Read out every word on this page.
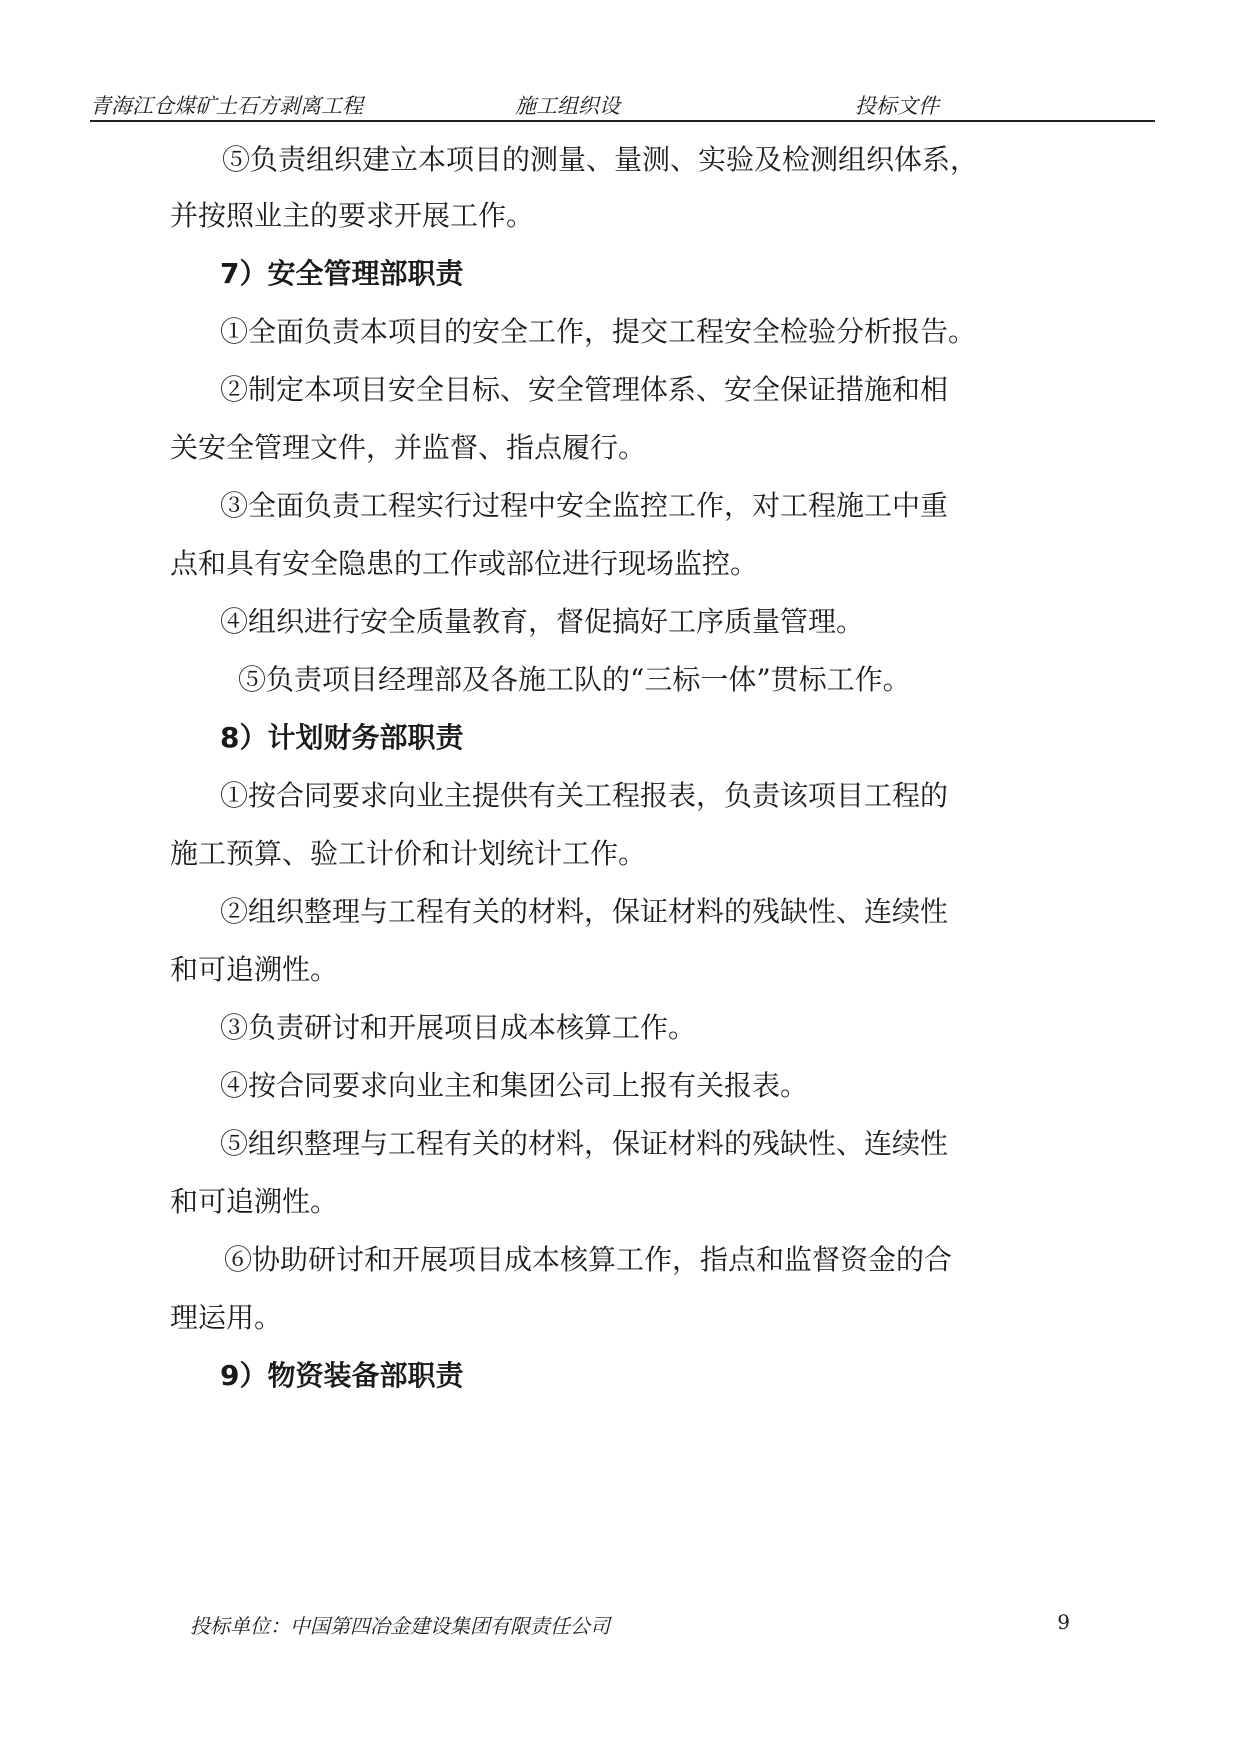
青海江仓煤矿土石方剥离工程	施工组织设	投标文件
⑤负责组织建立本项目的测量、量测、实验及检测组织体系，
并按照业主的要求开展工作。
7）安全管理部职责
①全面负责本项目的安全工作，提交工程安全检验分析报告。
②制定本项目安全目标、安全管理体系、安全保证措施和相
关安全管理文件，并监督、指点履行。
③全面负责工程实行过程中安全监控工作，对工程施工中重
点和具有安全隐患的工作或部位进行现场监控。
④组织进行安全质量教育，督促搞好工序质量管理。
⑤负责项目经理部及各施工队的“三标一体”贯标工作。
8）计划财务部职责
①按合同要求向业主提供有关工程报表，负责该项目工程的
施工预算、验工计价和计划统计工作。
②组织整理与工程有关的材料，保证材料的残缺性、连续性
和可追溯性。
③负责研讨和开展项目成本核算工作。
④按合同要求向业主和集团公司上报有关报表。
⑤组织整理与工程有关的材料，保证材料的残缺性、连续性
和可追溯性。
⑥协助研讨和开展项目成本核算工作，指点和监督资金的合
理运用。
9）物资装备部职责
投标单位：中国第四冶金建设集团有限责任公司	9
